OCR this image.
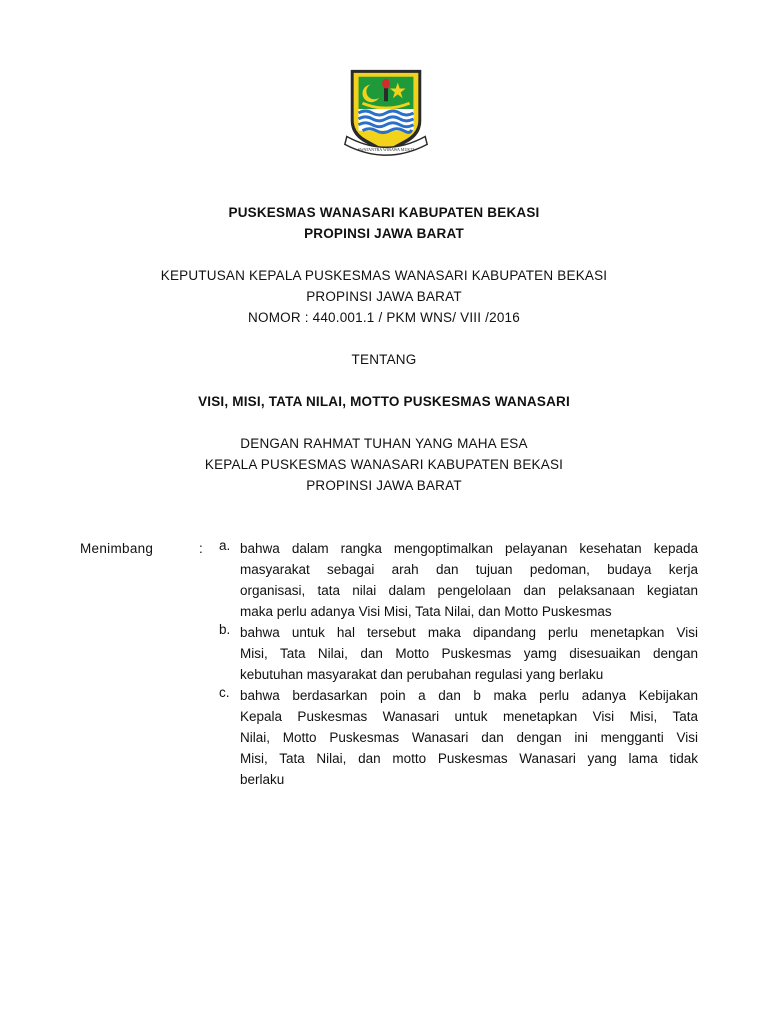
SWATANTRA WIBAWA MUKTI
PUSKESMAS WANASARI KABUPATEN BEKASI
PROPINSI JAWA BARAT
KEPUTUSAN KEPALA PUSKESMAS WANASARI KABUPATEN BEKASI
PROPINSI JAWA BARAT
NOMOR : 440.001.1 / PKM WNS/ VIII /2016
TENTANG
VISI, MISI, TATA NILAI, MOTTO PUSKESMAS WANASARI
DENGAN RAHMAT TUHAN YANG MAHA ESA
KEPALA PUSKESMAS WANASARI KABUPATEN BEKASI
PROPINSI JAWA BARAT
Menimbang	: a. bahwa dalam rangka mengoptimalkan pelayanan kesehatan kepada
masyarakat sebagai arah dan tujuan pedoman, budaya kerja
organisasi, tata nilai dalam pengelolaan dan pelaksanaan kegiatan
maka perlu adanya Visi Misi, Tata Nilai, dan Motto Puskesmas
b. bahwa untuk hal tersebut maka dipandang perlu menetapkan Visi
Misi, Tata Nilai, dan Motto Puskesmas yamg disesuaikan dengan
kebutuhan masyarakat dan perubahan regulasi yang berlaku
c. bahwa berdasarkan poin a dan b maka perlu adanya Kebijakan
Kepala Puskesmas Wanasari untuk menetapkan Visi Misi, Tata
Nilai, Motto Puskesmas Wanasari dan dengan ini mengganti Visi
Misi, Tata Nilai, dan motto Puskesmas Wanasari yang lama tidak
berlaku
